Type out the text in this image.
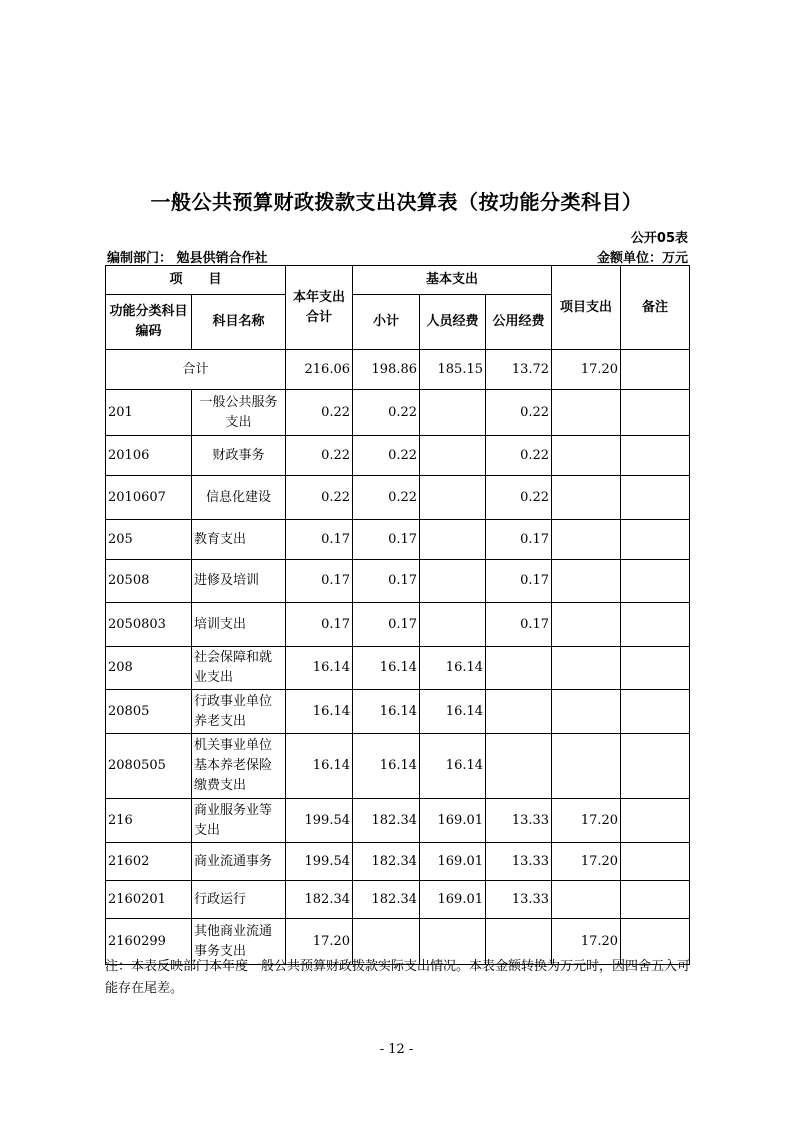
一般公共预算财政拨款支出决算表（按功能分类科目）
公开05表
编制部门： 勉县供销合作社	金额单位：万元
项　　目		本年支出合计	基本支出			项目支出	备注
功能分类科目编码	科目名称		小计	人员经费	公用经费		
合计		216.06	198.86	185.15	13.72	17.20	
201	一般公共服务支出	0.22	0.22		0.22		
20106	财政事务	0.22	0.22		0.22		
2010607	信息化建设	0.22	0.22		0.22		
205	教育支出	0.17	0.17		0.17		
20508	进修及培训	0.17	0.17		0.17		
2050803	培训支出	0.17	0.17		0.17		
208	社会保障和就业支出	16.14	16.14	16.14			
20805	行政事业单位养老支出	16.14	16.14	16.14			
2080505	机关事业单位基本养老保险缴费支出	16.14	16.14	16.14			
216	商业服务业等支出	199.54	182.34	169.01	13.33	17.20	
21602	商业流通事务	199.54	182.34	169.01	13.33	17.20	
2160201	行政运行	182.34	182.34	169.01	13.33		
2160299	其他商业流通事务支出	17.20				17.20	
注：本表反映部门本年度一般公共预算财政拨款实际支出情况。本表金额转换为万元时，因四舍五入可能存在尾差。
- 12 -
